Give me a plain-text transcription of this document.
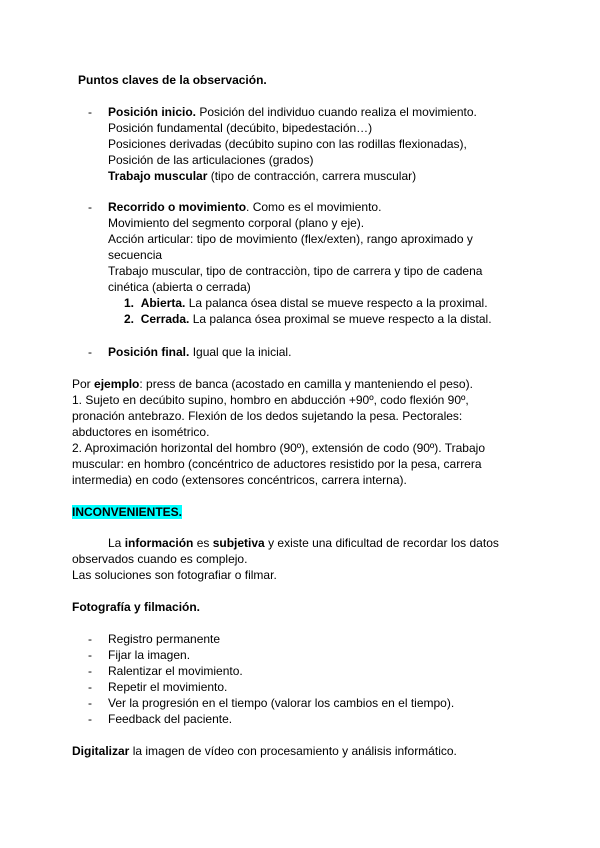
Puntos claves de la observación.
- Posición inicio. Posición del individuo cuando realiza el movimiento.
Posición fundamental (decúbito, bipedestación…)
Posiciones derivadas (decúbito supino con las rodillas flexionadas),
Posición de las articulaciones (grados)
Trabajo muscular (tipo de contracción, carrera muscular)
- Recorrido o movimiento. Como es el movimiento.
Movimiento del segmento corporal (plano y eje).
Acción articular: tipo de movimiento (flex/exten), rango aproximado y
secuencia
Trabajo muscular, tipo de contracciòn, tipo de carrera y tipo de cadena
cinética (abierta o cerrada)
1. Abierta. La palanca ósea distal se mueve respecto a la proximal.
2. Cerrada. La palanca ósea proximal se mueve respecto a la distal.
- Posición final. Igual que la inicial.
Por ejemplo: press de banca (acostado en camilla y manteniendo el peso).
1. Sujeto en decúbito supino, hombro en abducción +90º, codo flexión 90º,
pronación antebrazo. Flexión de los dedos sujetando la pesa. Pectorales:
abductores en isométrico.
2. Aproximación horizontal del hombro (90º), extensión de codo (90º). Trabajo
muscular: en hombro (concéntrico de aductores resistido por la pesa, carrera
intermedia) en codo (extensores concéntricos, carrera interna).
INCONVENIENTES.
La información es subjetiva y existe una dificultad de recordar los datos
observados cuando es complejo.
Las soluciones son fotografiar o filmar.
Fotografía y filmación.
- Registro permanente
- Fijar la imagen.
- Ralentizar el movimiento.
- Repetir el movimiento.
- Ver la progresión en el tiempo (valorar los cambios en el tiempo).
- Feedback del paciente.
Digitalizar la imagen de vídeo con procesamiento y análisis informático.
